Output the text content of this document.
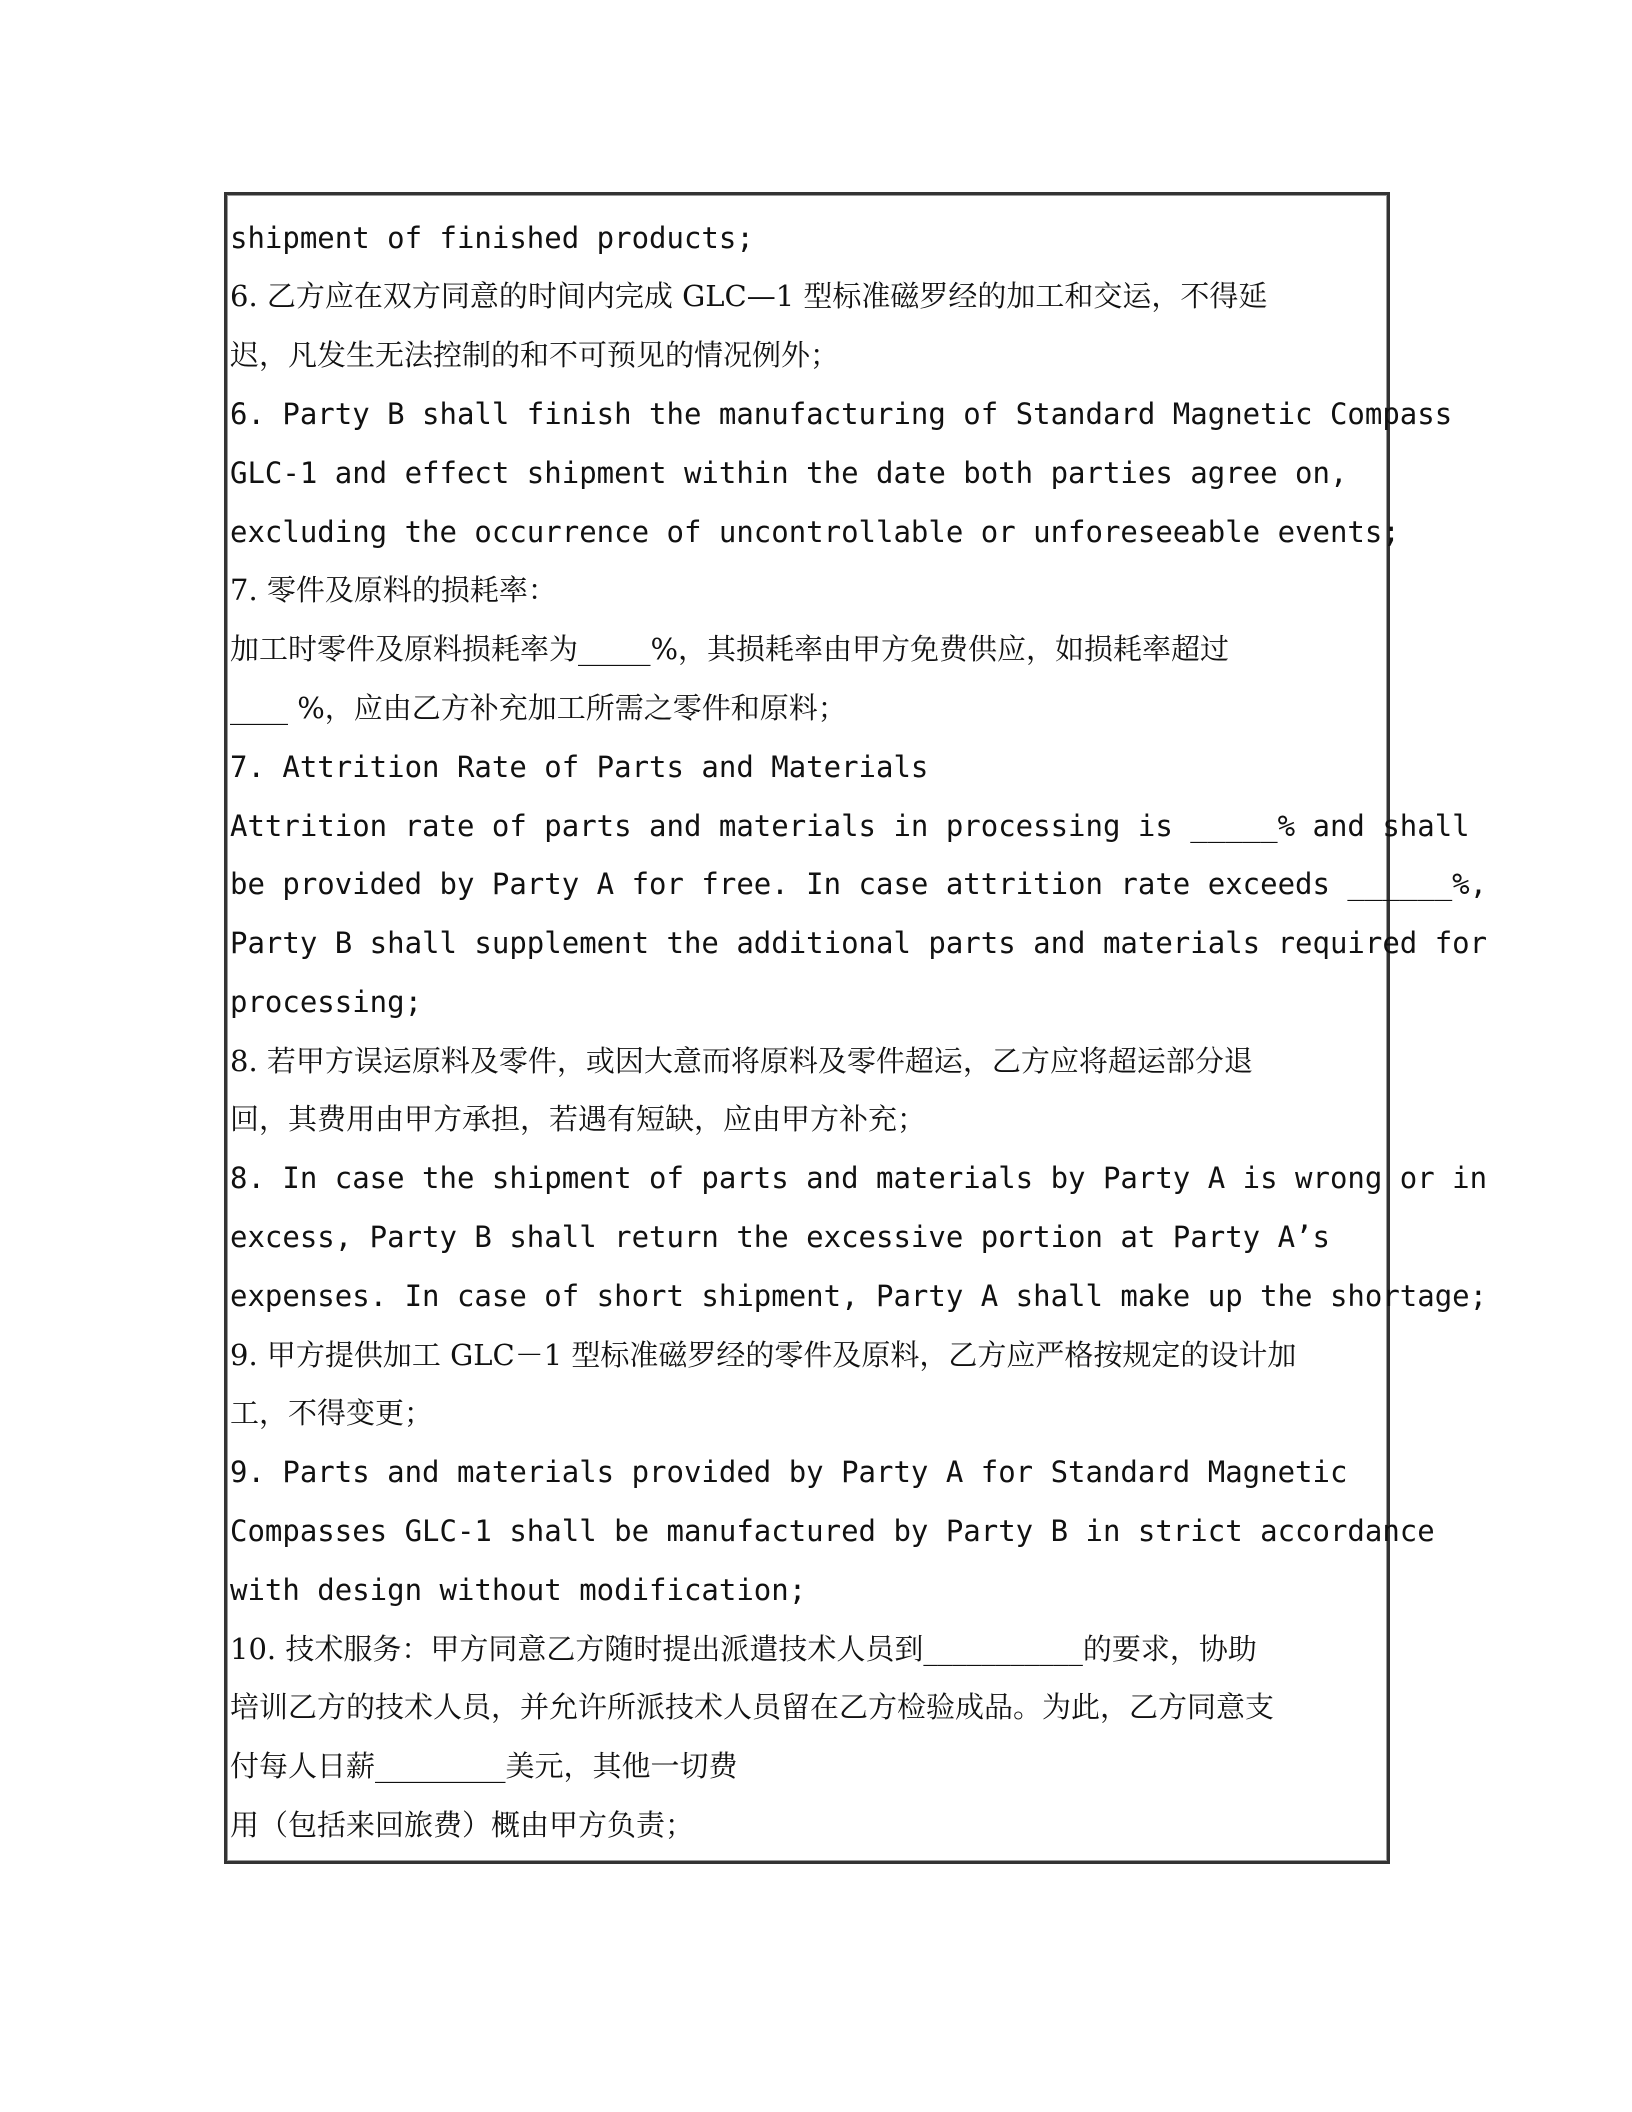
shipment of finished products;
6. 乙方应在双方同意的时间内完成 GLC—1 型标准磁罗经的加工和交运，不得延
迟，凡发生无法控制的和不可预见的情况例外；
6. Party B shall finish the manufacturing of Standard Magnetic Compass
GLC-1 and effect shipment within the date both parties agree on,
excluding the occurrence of uncontrollable or unforeseeable events;
7. 零件及原料的损耗率：
加工时零件及原料损耗率为_____%，其损耗率由甲方免费供应，如损耗率超过
____ %，应由乙方补充加工所需之零件和原料；
7. Attrition Rate of Parts and Materials
Attrition rate of parts and materials in processing is _____% and shall
be provided by Party A for free. In case attrition rate exceeds ______%,
Party B shall supplement the additional parts and materials required for
processing;
8. 若甲方误运原料及零件，或因大意而将原料及零件超运，乙方应将超运部分退
回，其费用由甲方承担，若遇有短缺，应由甲方补充；
8. In case the shipment of parts and materials by Party A is wrong or in
excess, Party B shall return the excessive portion at Party A’s
expenses. In case of short shipment, Party A shall make up the shortage;
9. 甲方提供加工 GLC－1 型标准磁罗经的零件及原料，乙方应严格按规定的设计加
工，不得变更；
9. Parts and materials provided by Party A for Standard Magnetic
Compasses GLC-1 shall be manufactured by Party B in strict accordance
with design without modification;
10. 技术服务：甲方同意乙方随时提出派遣技术人员到___________的要求，协助
培训乙方的技术人员，并允许所派技术人员留在乙方检验成品。为此，乙方同意支
付每人日薪_________美元，其他一切费
用（包括来回旅费）概由甲方负责；
